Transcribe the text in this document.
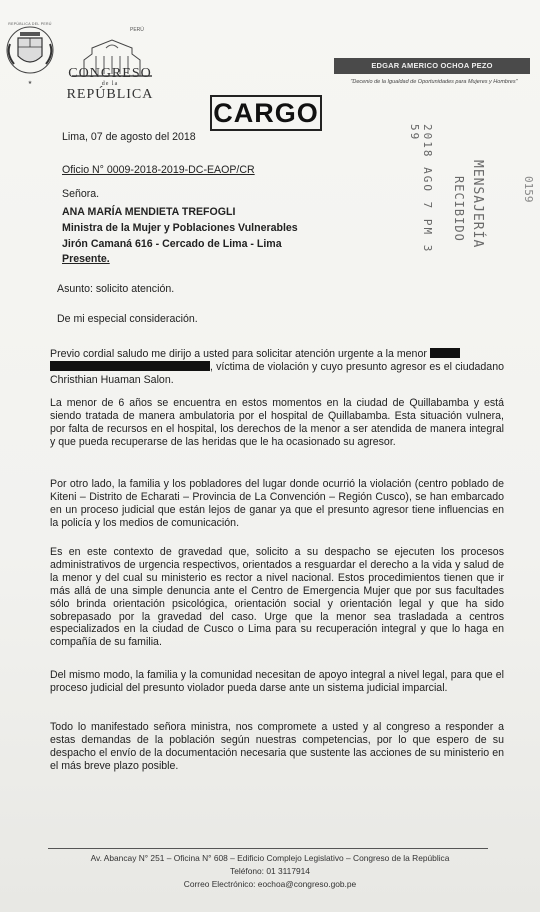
★
REPÚBLICA DEL PERÚ
PERÚ
CONGRESO
de la
REPÚBLICA
EDGAR AMERICO OCHOA PEZO
"Decenio de la Igualdad de Oportunidades para Mujeres y Hombres"
CARGO
2018 AGO 7 PM 3 59
RECIBIDO MENSAJERÍA	0159
Lima, 07 de agosto del 2018
Oficio N° 0009-2018-2019-DC-EAOP/CR
Señora.
ANA MARÍA MENDIETA TREFOGLI
Ministra de la Mujer y Poblaciones Vulnerables
Jirón Camaná 616 - Cercado de Lima - Lima
Presente.
Asunto: solicito atención.
De mi especial consideración.
Previo cordial saludo me dirijo a usted para solicitar atención urgente a la menor
, víctima de violación y cuyo presunto agresor es el ciudadano Christhian Huaman Salon.
La menor de 6 años se encuentra en estos momentos en la ciudad de Quillabamba y está siendo tratada de manera ambulatoria por el hospital de Quillabamba. Esta situación vulnera, por falta de recursos en el hospital, los derechos de la menor a ser atendida de manera integral y que pueda recuperarse de las heridas que le ha ocasionado su agresor.
Por otro lado, la familia y los pobladores del lugar donde ocurrió la violación (centro poblado de Kiteni – Distrito de Echarati – Provincia de La Convención – Región Cusco), se han embarcado en un proceso judicial que están lejos de ganar ya que el presunto agresor tiene influencias en la policía y los medios de comunicación.
Es en este contexto de gravedad que, solicito a su despacho se ejecuten los procesos administrativos de urgencia respectivos, orientados a resguardar el derecho a la vida y salud de la menor y del cual su ministerio es rector a nivel nacional. Estos procedimientos tienen que ir más allá de una simple denuncia ante el Centro de Emergencia Mujer que por sus facultades sólo brinda orientación psicológica, orientación social y orientación legal y que ha sido sobrepasado por la gravedad del caso. Urge que la menor sea trasladada a centros especializados en la ciudad de Cusco o Lima para su recuperación integral y que lo haga en compañía de su familia.
Del mismo modo, la familia y la comunidad necesitan de apoyo integral a nivel legal, para que el proceso judicial del presunto violador pueda darse ante un sistema judicial imparcial.
Todo lo manifestado señora ministra, nos compromete a usted y al congreso a responder a estas demandas de la población según nuestras competencias, por lo que espero de su despacho el envío de la documentación necesaria que sustente las acciones de su ministerio en el más breve plazo posible.
Av. Abancay N° 251 – Oficina N° 608 – Edificio Complejo Legislativo – Congreso de la República
Teléfono: 01 3117914
Correo Electrónico: eochoa@congreso.gob.pe
